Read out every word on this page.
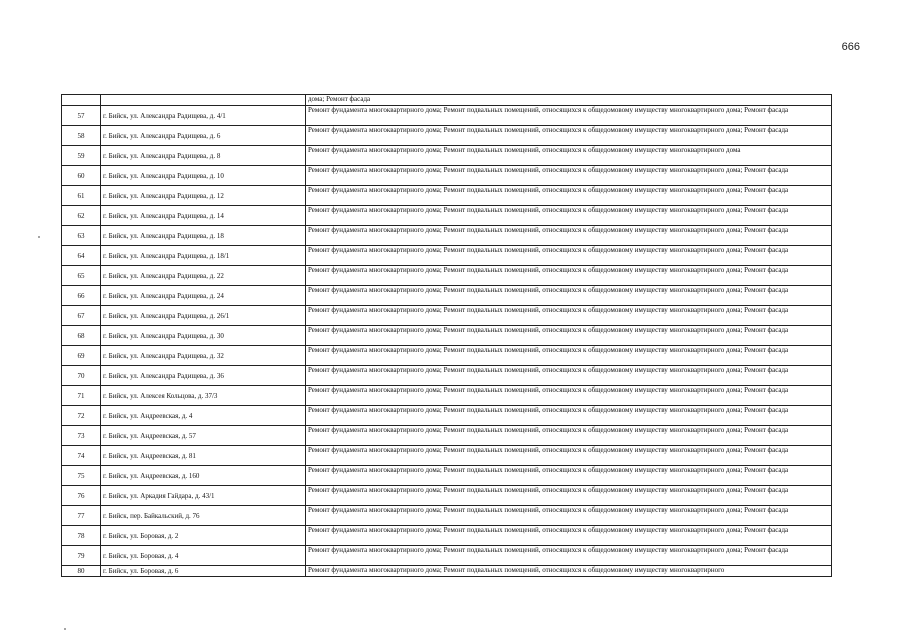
666
		дома; Ремонт фасада
57	г. Бийск, ул. Александра Радищева, д. 4/1	Ремонт фундамента многоквартирного дома; Ремонт подвальных помещений, относящихся к общедомовому имуществу многоквартирного дома; Ремонт фасада
58	г. Бийск, ул. Александра Радищева, д. 6	Ремонт фундамента многоквартирного дома; Ремонт подвальных помещений, относящихся к общедомовому имуществу многоквартирного дома; Ремонт фасада
59	г. Бийск, ул. Александра Радищева, д. 8	Ремонт фундамента многоквартирного дома; Ремонт подвальных помещений, относящихся к общедомовому имуществу многоквартирного дома
60	г. Бийск, ул. Александра Радищева, д. 10	Ремонт фундамента многоквартирного дома; Ремонт подвальных помещений, относящихся к общедомовому имуществу многоквартирного дома; Ремонт фасада
61	г. Бийск, ул. Александра Радищева, д. 12	Ремонт фундамента многоквартирного дома; Ремонт подвальных помещений, относящихся к общедомовому имуществу многоквартирного дома; Ремонт фасада
62	г. Бийск, ул. Александра Радищева, д. 14	Ремонт фундамента многоквартирного дома; Ремонт подвальных помещений, относящихся к общедомовому имуществу многоквартирного дома; Ремонт фасада
63	г. Бийск, ул. Александра Радищева, д. 18	Ремонт фундамента многоквартирного дома; Ремонт подвальных помещений, относящихся к общедомовому имуществу многоквартирного дома; Ремонт фасада
64	г. Бийск, ул. Александра Радищева, д. 18/1	Ремонт фундамента многоквартирного дома; Ремонт подвальных помещений, относящихся к общедомовому имуществу многоквартирного дома; Ремонт фасада
65	г. Бийск, ул. Александра Радищева, д. 22	Ремонт фундамента многоквартирного дома; Ремонт подвальных помещений, относящихся к общедомовому имуществу многоквартирного дома; Ремонт фасада
66	г. Бийск, ул. Александра Радищева, д. 24	Ремонт фундамента многоквартирного дома; Ремонт подвальных помещений, относящихся к общедомовому имуществу многоквартирного дома; Ремонт фасада
67	г. Бийск, ул. Александра Радищева, д. 26/1	Ремонт фундамента многоквартирного дома; Ремонт подвальных помещений, относящихся к общедомовому имуществу многоквартирного дома; Ремонт фасада
68	г. Бийск, ул. Александра Радищева, д. 30	Ремонт фундамента многоквартирного дома; Ремонт подвальных помещений, относящихся к общедомовому имуществу многоквартирного дома; Ремонт фасада
69	г. Бийск, ул. Александра Радищева, д. 32	Ремонт фундамента многоквартирного дома; Ремонт подвальных помещений, относящихся к общедомовому имуществу многоквартирного дома; Ремонт фасада
70	г. Бийск, ул. Александра Радищева, д. 36	Ремонт фундамента многоквартирного дома; Ремонт подвальных помещений, относящихся к общедомовому имуществу многоквартирного дома; Ремонт фасада
71	г. Бийск, ул. Алексея Кольцова, д. 37/3	Ремонт фундамента многоквартирного дома; Ремонт подвальных помещений, относящихся к общедомовому имуществу многоквартирного дома; Ремонт фасада
72	г. Бийск, ул. Андреевская, д. 4	Ремонт фундамента многоквартирного дома; Ремонт подвальных помещений, относящихся к общедомовому имуществу многоквартирного дома; Ремонт фасада
73	г. Бийск, ул. Андреевская, д. 57	Ремонт фундамента многоквартирного дома; Ремонт подвальных помещений, относящихся к общедомовому имуществу многоквартирного дома; Ремонт фасада
74	г. Бийск, ул. Андреевская, д. 81	Ремонт фундамента многоквартирного дома; Ремонт подвальных помещений, относящихся к общедомовому имуществу многоквартирного дома; Ремонт фасада
75	г. Бийск, ул. Андреевская, д. 160	Ремонт фундамента многоквартирного дома; Ремонт подвальных помещений, относящихся к общедомовому имуществу многоквартирного дома; Ремонт фасада
76	г. Бийск, ул. Аркадия Гайдара, д. 43/1	Ремонт фундамента многоквартирного дома; Ремонт подвальных помещений, относящихся к общедомовому имуществу многоквартирного дома; Ремонт фасада
77	г. Бийск, пер. Байкальский, д. 76	Ремонт фундамента многоквартирного дома; Ремонт подвальных помещений, относящихся к общедомовому имуществу многоквартирного дома; Ремонт фасада
78	г. Бийск, ул. Боровая, д. 2	Ремонт фундамента многоквартирного дома; Ремонт подвальных помещений, относящихся к общедомовому имуществу многоквартирного дома; Ремонт фасада
79	г. Бийск, ул. Боровая, д. 4	Ремонт фундамента многоквартирного дома; Ремонт подвальных помещений, относящихся к общедомовому имуществу многоквартирного дома; Ремонт фасада
80	г. Бийск, ул. Боровая, д. 6	Ремонт фундамента многоквартирного дома; Ремонт подвальных помещений, относящихся к общедомовому имуществу многоквартирного
